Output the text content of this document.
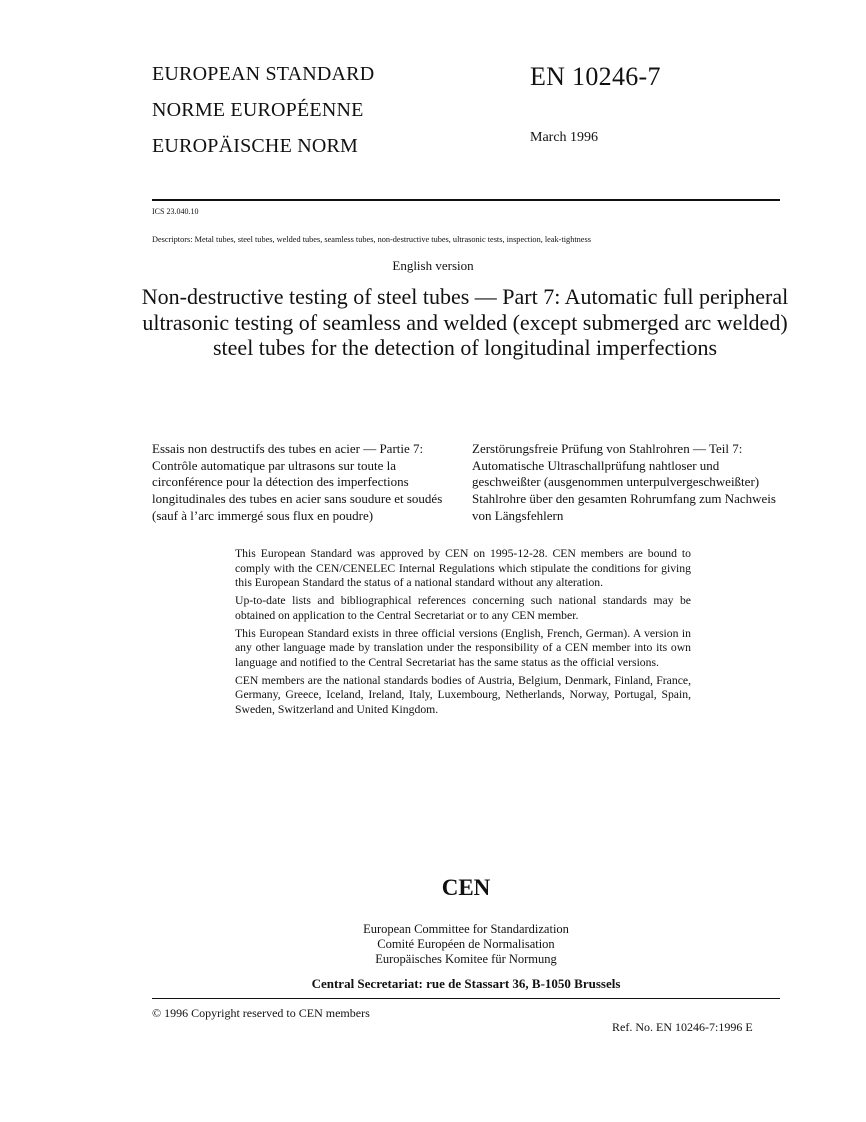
EUROPEAN STANDARD
NORME EUROPÉENNE
EUROPÄISCHE NORM
EN 10246-7
March 1996
ICS 23.040.10
Descriptors: Metal tubes, steel tubes, welded tubes, seamless tubes, non-destructive tubes, ultrasonic tests, inspection, leak-tightness
English version
Non-destructive testing of steel tubes — Part 7: Automatic full peripheral ultrasonic testing of seamless and welded (except submerged arc welded) steel tubes for the detection of longitudinal imperfections
Essais non destructifs des tubes en acier — Partie 7: Contrôle automatique par ultrasons sur toute la circonférence pour la détection des imperfections longitudinales des tubes en acier sans soudure et soudés (sauf à l’arc immergé sous flux en poudre)
Zerstörungsfreie Prüfung von Stahlrohren — Teil 7: Automatische Ultraschallprüfung nahtloser und geschweißter (ausgenommen unterpulvergeschweißter) Stahlrohre über den gesamten Rohrumfang zum Nachweis von Längsfehlern

This European Standard was approved by CEN on 1995-12-28. CEN members are bound to comply with the CEN/CENELEC Internal Regulations which stipulate the conditions for giving this European Standard the status of a national standard without any alteration.

Up-to-date lists and bibliographical references concerning such national standards may be obtained on application to the Central Secretariat or to any CEN member.

This European Standard exists in three official versions (English, French, German). A version in any other language made by translation under the responsibility of a CEN member into its own language and notified to the Central Secretariat has the same status as the official versions.

CEN members are the national standards bodies of Austria, Belgium, Denmark, Finland, France, Germany, Greece, Iceland, Ireland, Italy, Luxembourg, Netherlands, Norway, Portugal, Spain, Sweden, Switzerland and United Kingdom.

CEN
European Committee for Standardization
Comité Européen de Normalisation
Europäisches Komitee für Normung
Central Secretariat: rue de Stassart 36, B-1050 Brussels
© 1996 Copyright reserved to CEN members
Ref. No. EN 10246-7:1996 E
